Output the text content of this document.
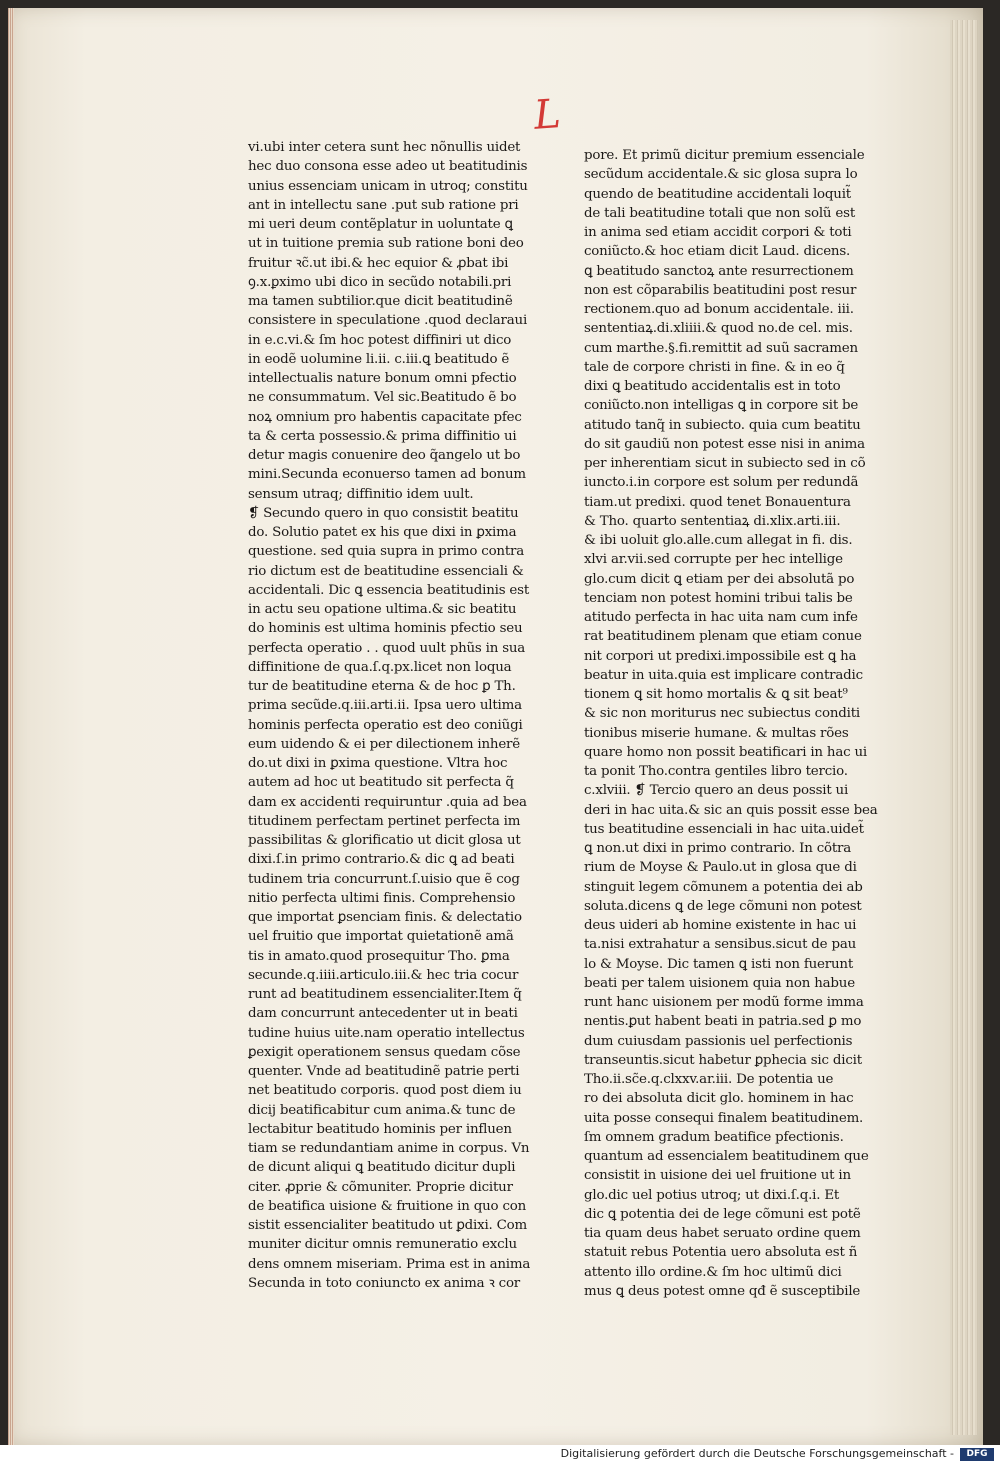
L
vi.ubi inter cetera sunt hec nõnullis uidet
hec duo consona esse adeo ut beatitudinis
unius essenciam unicam in utroq; constitu
ant in intellectu sane .put sub ratione pri
mi ueri deum contẽplatur in uoluntate ꝗ
ut in tuitione premia sub ratione boni deo
fruitur ꝛc̃.ut ibi.& hec equior & ꝓbat ibi
ꝯ.x.ꝑximo ubi dico in secũdo notabili.pri
ma tamen subtilior.que dicit beatitudinẽ
consistere in speculatione .quod declaraui
in e.c.vi.& ſm hoc potest diffiniri ut dico
in eodẽ uolumine li.ii. c.iii.ꝗ beatitudo ẽ
intellectualis nature bonum omni pfectio
ne consummatum. Vel sic.Beatitudo ẽ bo
noꝝ omnium pro habentis capacitate pfec
ta & certa possessio.& prima diffinitio ui
detur magis conuenire deo q̃angelo ut bo
mini.Secunda econuerso tamen ad bonum
sensum utraq; diffinitio idem uult.
❡ Secundo quero in quo consistit beatitu
do. Solutio patet ex his que dixi in ꝑxima
questione. sed quia supra in primo contra
rio dictum est de beatitudine essenciali &
accidentali. Dic ꝗ essencia beatitudinis est
in actu seu opatione ultima.& sic beatitu
do hominis est ultima hominis pfectio seu
perfecta operatio . . quod uult phũs in sua
diffinitione de qua.ſ.q.px.licet non loqua
tur de beatitudine eterna & de hoc ꝑ Th.
prima secũde.q.iii.arti.ii. Ipsa uero ultima
hominis perfecta operatio est deo coniũgi
eum uidendo & ei per dilectionem inherẽ
do.ut dixi in ꝑxima questione. Vltra hoc
autem ad hoc ut beatitudo sit perfecta q̃
dam ex accidenti requiruntur .quia ad bea
titudinem perfectam pertinet perfecta im
passibilitas & glorificatio ut dicit glosa ut
dixi.ſ.in primo contrario.& dic ꝗ ad beati
tudinem tria concurrunt.ſ.uisio que ẽ cog
nitio perfecta ultimi finis. Comprehensio
que importat ꝑsenciam finis. & delectatio
uel fruitio que importat quietationẽ amã
tis in amato.quod prosequitur Tho. ꝑma
secunde.q.iiii.articulo.iii.& hec tria cocur
runt ad beatitudinem essencialiter.Item q̃
dam concurrunt antecedenter ut in beati
tudine huius uite.nam operatio intellectus
ꝑexigit operationem sensus quedam cõse
quenter. Vnde ad beatitudinẽ patrie perti
net beatitudo corporis. quod post diem iu
dicij beatificabitur cum anima.& tunc de
lectabitur beatitudo hominis per influen
tiam se redundantiam anime in corpus. Vn
de dicunt aliqui ꝗ beatitudo dicitur dupli
citer. ꝓprie & cõmuniter. Proprie dicitur
de beatifica uisione & fruitione in quo con
sistit essencialiter beatitudo ut ꝑdixi. Com
muniter dicitur omnis remuneratio exclu
dens omnem miseriam. Prima est in anima
Secunda in toto coniuncto ex anima ꝛ cor
pore. Et primũ dicitur premium essenciale
secũdum accidentale.& sic glosa supra lo
quendo de beatitudine accidentali loquit̃
de tali beatitudine totali que non solũ est
in anima sed etiam accidit corpori & toti
coniũcto.& hoc etiam dicit Laud. dicens.
ꝗ beatitudo sanctoꝝ ante resurrectionem
non est cõparabilis beatitudini post resur
rectionem.quo ad bonum accidentale. iii.
sententiaꝝ.di.xliiii.& quod no.de cel. mis.
cum marthe.§.fi.remittit ad suũ sacramen
tale de corpore christi in fine. & in eo q̃
dixi ꝗ beatitudo accidentalis est in toto
coniũcto.non intelligas ꝗ in corpore sit be
atitudo tanq̃ in subiecto. quia cum beatitu
do sit gaudiũ non potest esse nisi in anima
per inherentiam sicut in subiecto sed in cõ
iuncto.i.in corpore est solum per redundã
tiam.ut predixi. quod tenet Bonauentura
& Tho. quarto sententiaꝝ di.xlix.arti.iii.
& ibi uoluit glo.alle.cum allegat in fi. dis.
xlvi ar.vii.sed corrupte per hec intellige
glo.cum dicit ꝗ etiam per dei absolutã po
tenciam non potest homini tribui talis be
atitudo perfecta in hac uita nam cum infe
rat beatitudinem plenam que etiam conue
nit corpori ut predixi.impossibile est ꝗ ha
beatur in uita.quia est implicare contradic
tionem ꝗ sit homo mortalis & ꝗ sit beat⁹
& sic non moriturus nec subiectus conditi
tionibus miserie humane. & multas rões
quare homo non possit beatificari in hac ui
ta ponit Tho.contra gentiles libro tercio.
c.xlviii. ❡ Tercio quero an deus possit ui
deri in hac uita.& sic an quis possit esse bea
tus beatitudine essenciali in hac uita.uidet̃
ꝗ non.ut dixi in primo contrario. In cõtra
rium de Moyse & Paulo.ut in glosa que di
stinguit legem cõmunem a potentia dei ab
soluta.dicens ꝗ de lege cõmuni non potest
deus uideri ab homine existente in hac ui
ta.nisi extrahatur a sensibus.sicut de pau
lo & Moyse. Dic tamen ꝗ isti non fuerunt
beati per talem uisionem quia non habue
runt hanc uisionem per modũ forme imma
nentis.ꝑut habent beati in patria.sed ꝑ mo
dum cuiusdam passionis uel perfectionis
transeuntis.sicut habetur ꝑphecia sic dicit
Tho.ii.sc̃e.q.clxxv.ar.iii. De potentia ue
ro dei absoluta dicit glo. hominem in hac
uita posse consequi finalem beatitudinem.
ſm omnem gradum beatifice pfectionis.
quantum ad essencialem beatitudinem que
consistit in uisione dei uel fruitione ut in
glo.dic uel potius utroq; ut dixi.ſ.q.i. Et
dic ꝗ potentia dei de lege cõmuni est potẽ
tia quam deus habet seruato ordine quem
statuit rebus Potentia uero absoluta est ñ
attento illo ordine.& ſm hoc ultimũ dici
mus ꝗ deus potest omne qđ ẽ susceptibile
Digitalisierung gefördert durch die Deutsche Forschungsgemeinschaft -	DFG
